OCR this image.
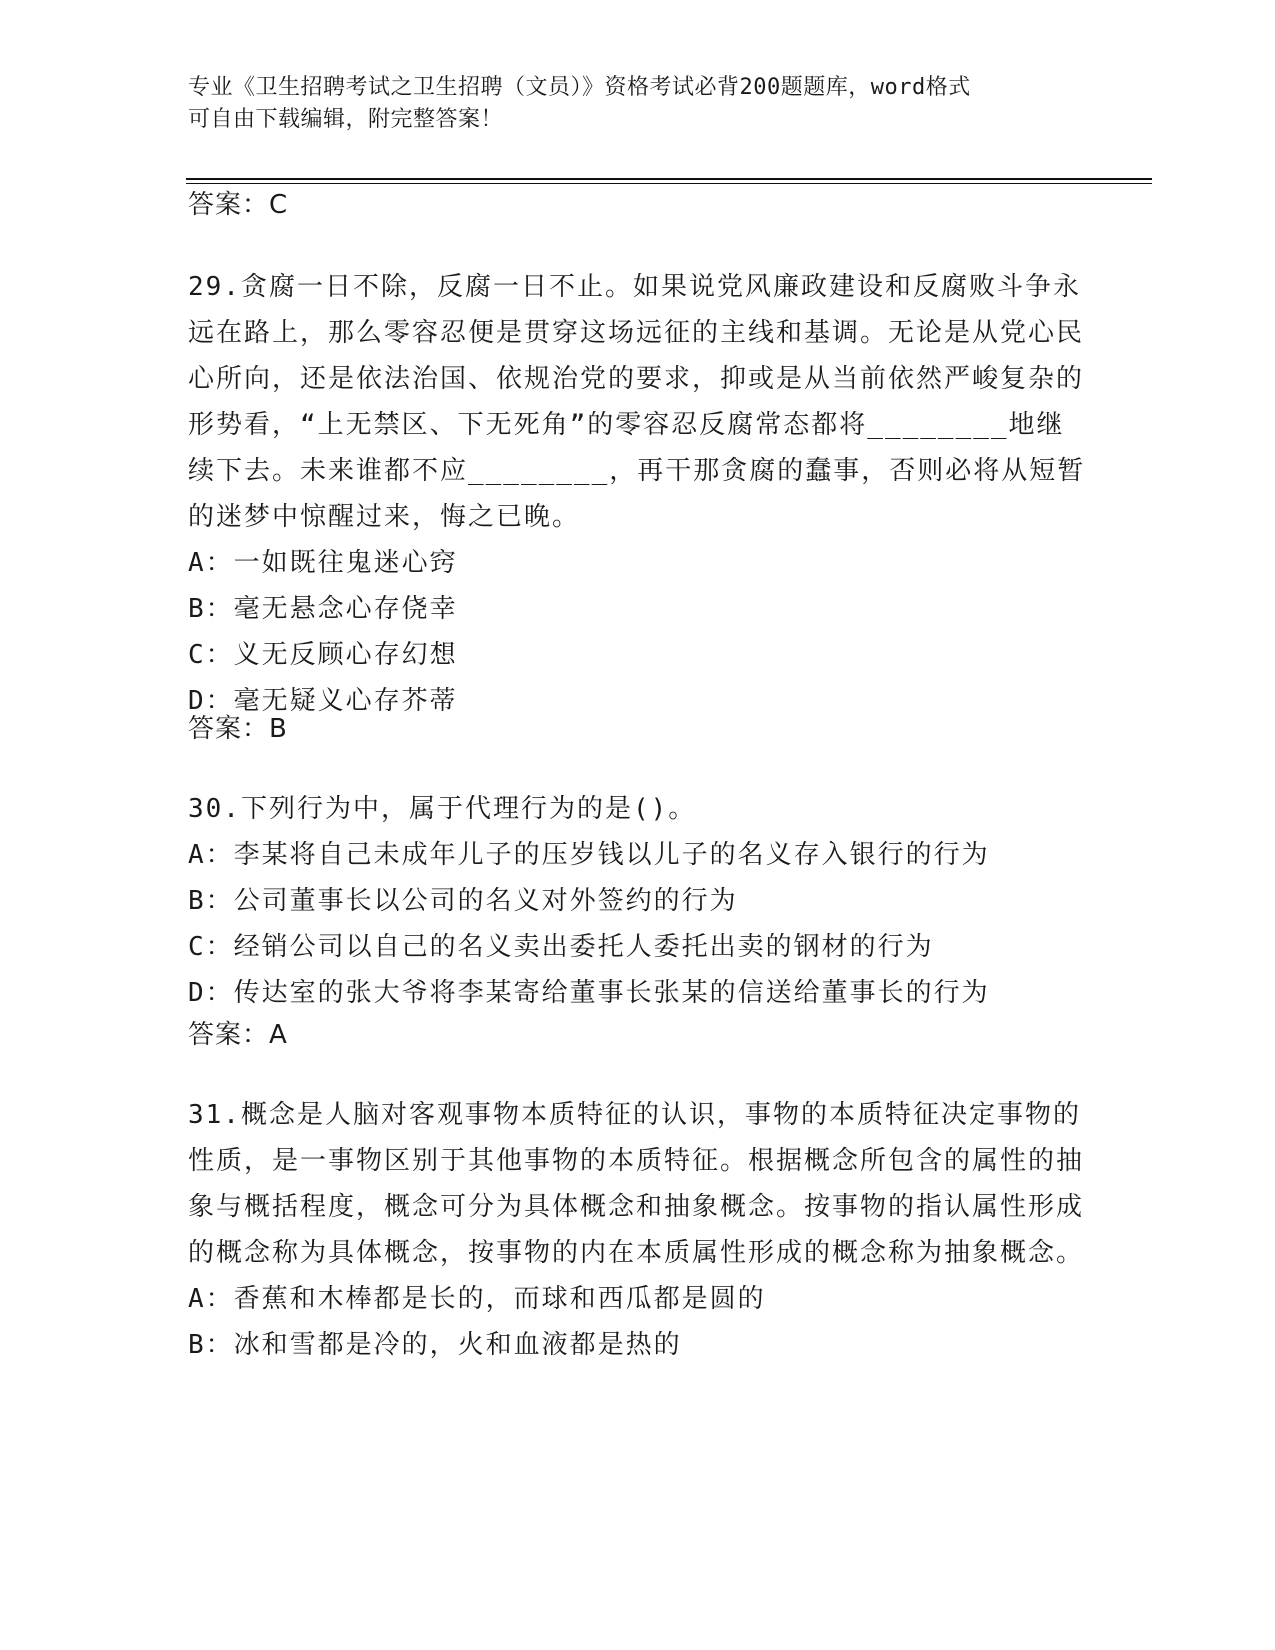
专业《卫生招聘考试之卫生招聘（文员）》资格考试必背200题题库，word格式
可自由下载编辑，附完整答案！
答案：C

29.贪腐一日不除，反腐一日不止。如果说党风廉政建设和反腐败斗争永远在路上，那么零容忍便是贯穿这场远征的主线和基调。无论是从党心民心所向，还是依法治国、依规治党的要求，抑或是从当前依然严峻复杂的形势看，“上无禁区、下无死角”的零容忍反腐常态都将________地继续下去。未来谁都不应________，再干那贪腐的蠢事，否则必将从短暂的迷梦中惊醒过来，悔之已晚。

A：一如既往鬼迷心窍
B：毫无悬念心存侥幸
C：义无反顾心存幻想
D：毫无疑义心存芥蒂
答案：B

30.下列行为中，属于代理行为的是()。

A：李某将自己未成年儿子的压岁钱以儿子的名义存入银行的行为
B：公司董事长以公司的名义对外签约的行为
C：经销公司以自己的名义卖出委托人委托出卖的钢材的行为
D：传达室的张大爷将李某寄给董事长张某的信送给董事长的行为
答案：A

31.概念是人脑对客观事物本质特征的认识，事物的本质特征决定事物的性质，是一事物区别于其他事物的本质特征。根据概念所包含的属性的抽象与概括程度，概念可分为具体概念和抽象概念。按事物的指认属性形成的概念称为具体概念，按事物的内在本质属性形成的概念称为抽象概念。

A：香蕉和木棒都是长的，而球和西瓜都是圆的
B：冰和雪都是冷的，火和血液都是热的
